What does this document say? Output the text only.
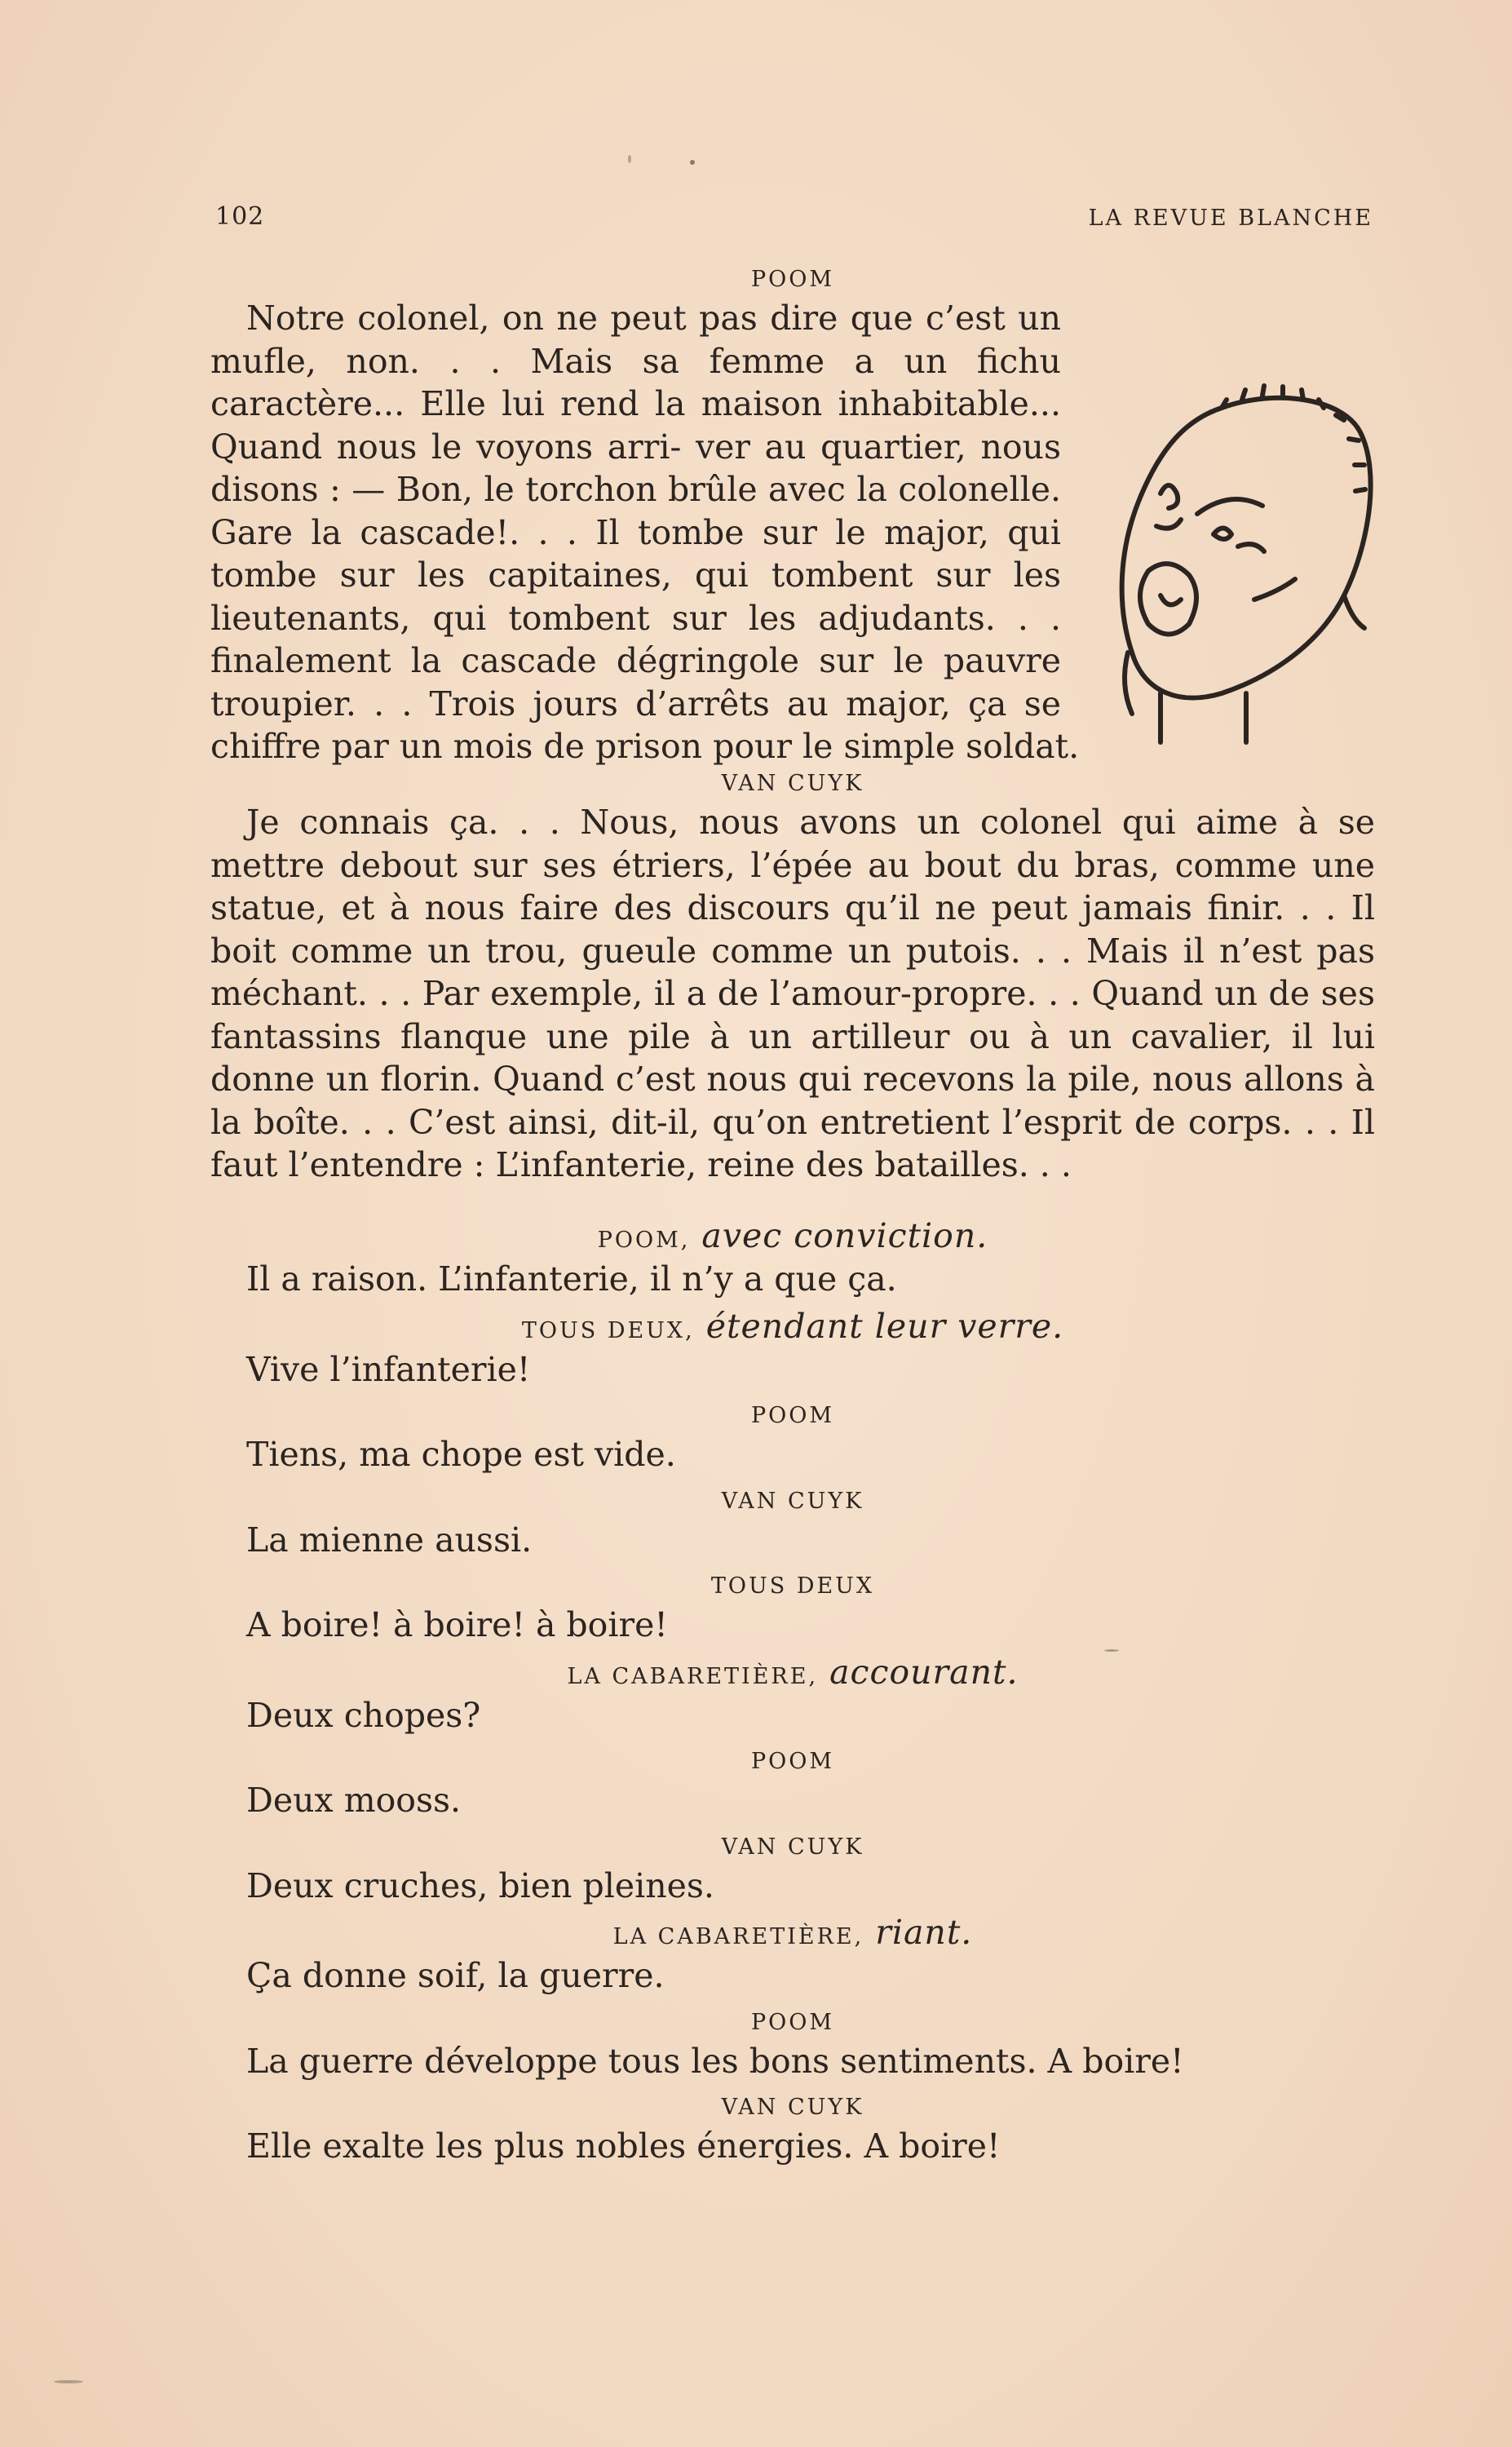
102	LA REVUE BLANCHE

POOM

Notre colonel, on ne peut pas dire que c’est un mufle, non. . . Mais sa femme a un fichu caractère... Elle lui rend la maison inhabitable... Quand nous le voyons arri- ver au quartier, nous disons : — Bon, le torchon brûle avec la colonelle. Gare la cascade!. . . Il tombe sur le major, qui tombe sur les capitaines, qui tombent sur les lieutenants, qui tombent sur les adjudants. . . finalement la cascade dégringole sur le pauvre troupier. . . Trois jours d’arrêts au major, ça se chiffre par un mois de prison pour le simple soldat.

VAN CUYK

Je connais ça. . . Nous, nous avons un colonel qui aime à se mettre debout sur ses étriers, l’épée au bout du bras, comme une statue, et à nous faire des discours qu’il ne peut jamais finir. . . Il boit comme un trou, gueule comme un putois. . . Mais il n’est pas méchant. . . Par exemple, il a de l’amour-propre. . . Quand un de ses fantassins flanque une pile à un artilleur ou à un cavalier, il lui donne un florin. Quand c’est nous qui recevons la pile, nous allons à la boîte. . . C’est ainsi, dit-il, qu’on entretient l’esprit de corps. . . Il faut l’entendre : L’infanterie, reine des batailles. . .

POOM, avec conviction.

Il a raison. L’infanterie, il n’y a que ça.

TOUS DEUX, étendant leur verre.

Vive l’infanterie!

POOM

Tiens, ma chope est vide.

VAN CUYK

La mienne aussi.

TOUS DEUX

A boire! à boire! à boire!

LA CABARETIÈRE, accourant.

Deux chopes?

POOM

Deux mooss.

VAN CUYK

Deux cruches, bien pleines.

LA CABARETIÈRE, riant.

Ça donne soif, la guerre.

POOM

La guerre développe tous les bons sentiments. A boire!

VAN CUYK

Elle exalte les plus nobles énergies. A boire!
